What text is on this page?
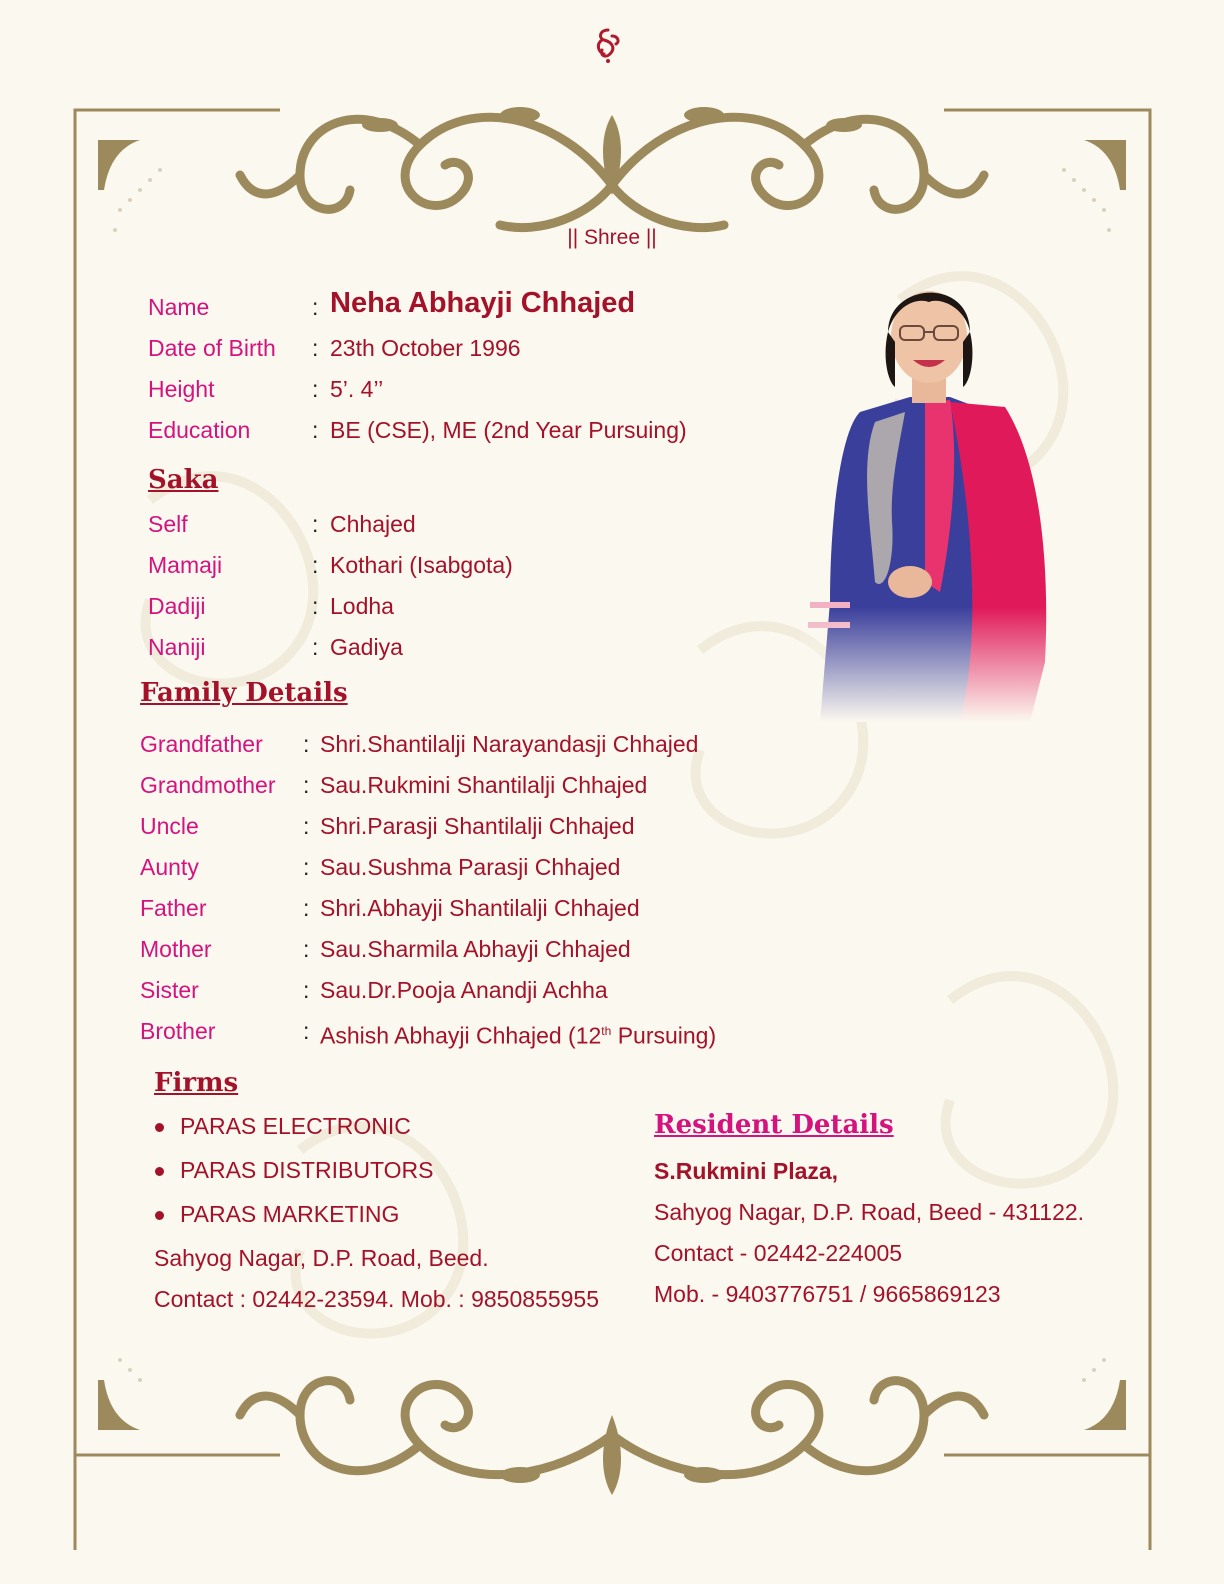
|| Shree ||
Name	: Neha Abhayji Chhajed
Date of Birth : 23th October 1996
Height	: 5’. 4’’
Education	: BE (CSE), ME (2nd Year Pursuing)
Saka
Self	: Chhajed
Mamaji	: Kothari (Isabgota)
Dadiji	: Lodha
Naniji	: Gadiya
Family Details
Grandfather : Shri.Shantilalji Narayandasji Chhajed
Grandmother : Sau.Rukmini Shantilalji Chhajed
Uncle	: Shri.Parasji Shantilalji Chhajed
Aunty	: Sau.Sushma Parasji Chhajed
Father	: Shri.Abhayji Shantilalji Chhajed
Mother	: Sau.Sharmila Abhayji Chhajed
Sister	: Sau.Dr.Pooja Anandji Achha
Brother	: Ashish Abhayji Chhajed (12th Pursuing)
Firms
PARAS ELECTRONIC
PARAS DISTRIBUTORS
PARAS MARKETING
Sahyog Nagar, D.P. Road, Beed.
Contact : 02442-23594. Mob. : 9850855955
Resident Details
S.Rukmini Plaza,
Sahyog Nagar, D.P. Road, Beed - 431122.
Contact - 02442-224005
Mob. - 9403776751 / 9665869123
